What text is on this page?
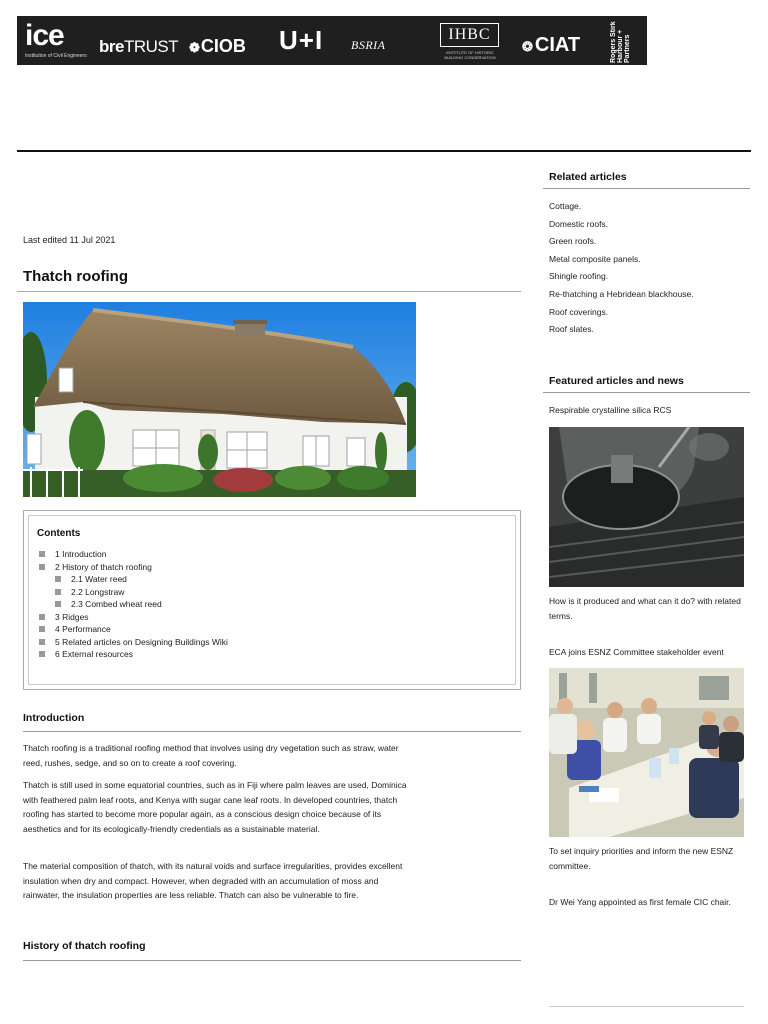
ice
Institution of Civil Engineers breTRUST ❁CIOB U+I BSRIA
IHBC
INSTITUTE OF HISTORIC BUILDING CONSERVATION
❂ CIAT	Rogers Stirk Harbour + Partners
Last edited 11 Jul 2021
Thatch roofing
Contents
1 Introduction
2 History of thatch roofing
2.1 Water reed
2.2 Longstraw
2.3 Combed wheat reed
3 Ridges
4 Performance
5 Related articles on Designing Buildings Wiki
6 External resources
Introduction

Thatch roofing is a traditional roofing method that involves using dry vegetation such as straw, water reed, rushes, sedge, and so on to create a roof covering.

Thatch is still used in some equatorial countries, such as in Fiji where palm leaves are used, Dominica with feathered palm leaf roots, and Kenya with sugar cane leaf roots. In developed countries, thatch roofing has started to become more popular again, as a conscious design choice because of its aesthetics and for its ecologically-friendly credentials as a sustainable material.

The material composition of thatch, with its natural voids and surface irregularities, provides excellent insulation when dry and compact. However, when degraded with an accumulation of moss and rainwater, the insulation properties are less reliable. Thatch can also be vulnerable to fire.

History of thatch roofing
Related articles
Cottage.
Domestic roofs.
Green roofs.
Metal composite panels.
Shingle roofing.
Re-thatching a Hebridean blackhouse.
Roof coverings.
Roof slates.
Featured articles and news
Respirable crystalline silica RCS
How is it produced and what can it do? with related terms.
ECA joins ESNZ Committee stakeholder event
To set inquiry priorities and inform the new ESNZ committee.
Dr Wei Yang appointed as first female CIC chair.
